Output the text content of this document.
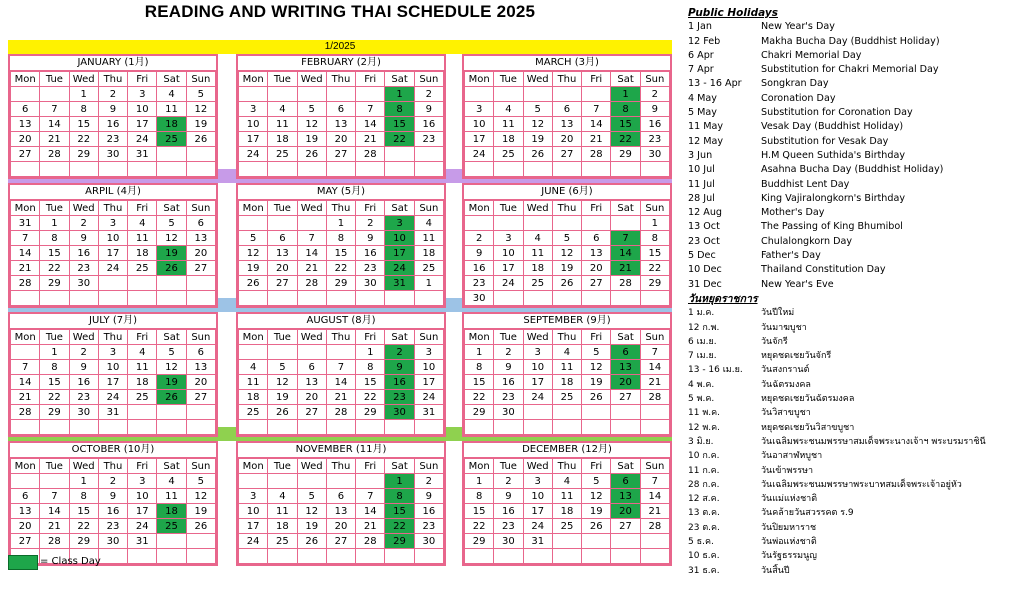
READING AND WRITING THAI SCHEDULE 2025
1/2025
JANUARY (1月)
Mon	Tue	Wed	Thu	Fri	Sat	Sun
		1	2	3	4	5
6	7	8	9	10	11	12
13	14	15	16	17	18	19
20	21	22	23	24	25	26
27	28	29	30	31		

FEBRUARY (2月)
Mon	Tue	Wed	Thu	Fri	Sat	Sun
					1	2
3	4	5	6	7	8	9
10	11	12	13	14	15	16
17	18	19	20	21	22	23
24	25	26	27	28		

MARCH (3月)
Mon	Tue	Wed	Thu	Fri	Sat	Sun
					1	2
3	4	5	6	7	8	9
10	11	12	13	14	15	16
17	18	19	20	21	22	23
24	25	26	27	28	29	30

ARPIL (4月)
Mon	Tue	Wed	Thu	Fri	Sat	Sun
31	1	2	3	4	5	6
7	8	9	10	11	12	13
14	15	16	17	18	19	20
21	22	23	24	25	26	27
28	29	30				

MAY (5月)
Mon	Tue	Wed	Thu	Fri	Sat	Sun
			1	2	3	4
5	6	7	8	9	10	11
12	13	14	15	16	17	18
19	20	21	22	23	24	25
26	27	28	29	30	31	1

JUNE (6月)
Mon	Tue	Wed	Thu	Fri	Sat	Sun
						1
2	3	4	5	6	7	8
9	10	11	12	13	14	15
16	17	18	19	20	21	22
23	24	25	26	27	28	29
30						
JULY (7月)
Mon	Tue	Wed	Thu	Fri	Sat	Sun
	1	2	3	4	5	6
7	8	9	10	11	12	13
14	15	16	17	18	19	20
21	22	23	24	25	26	27
28	29	30	31			

AUGUST (8月)
Mon	Tue	Wed	Thu	Fri	Sat	Sun
				1	2	3
4	5	6	7	8	9	10
11	12	13	14	15	16	17
18	19	20	21	22	23	24
25	26	27	28	29	30	31

SEPTEMBER (9月)
Mon	Tue	Wed	Thu	Fri	Sat	Sun
1	2	3	4	5	6	7
8	9	10	11	12	13	14
15	16	17	18	19	20	21
22	23	24	25	26	27	28
29	30					

OCTOBER (10月)
Mon	Tue	Wed	Thu	Fri	Sat	Sun
		1	2	3	4	5
6	7	8	9	10	11	12
13	14	15	16	17	18	19
20	21	22	23	24	25	26
27	28	29	30	31		

NOVEMBER (11月)
Mon	Tue	Wed	Thu	Fri	Sat	Sun
					1	2
3	4	5	6	7	8	9
10	11	12	13	14	15	16
17	18	19	20	21	22	23
24	25	26	27	28	29	30

DECEMBER (12月)
Mon	Tue	Wed	Thu	Fri	Sat	Sun
1	2	3	4	5	6	7
8	9	10	11	12	13	14
15	16	17	18	19	20	21
22	23	24	25	26	27	28
29	30	31				

= Class Day
Public Holidays
1 Jan	New Year's Day
12 Feb	Makha Bucha Day (Buddhist Holiday)
6 Apr	Chakri Memorial Day
7 Apr	Substitution for Chakri Memorial Day
13 - 16 Apr Songkran Day
4 May	Coronation Day
5 May	Substitution for Coronation Day
11 May	Vesak Day (Buddhist Holiday)
12 May	Substitution for Vesak Day
3 Jun	H.M Queen Suthida's Birthday
10 Jul	Asahna Bucha Day (Buddhist Holiday)
11 Jul	Buddhist Lent Day
28 Jul	King Vajiralongkorn's Birthday
12 Aug	Mother's Day
13 Oct	The Passing of King Bhumibol
23 Oct	Chulalongkorn Day
5 Dec	Father's Day
10 Dec	Thailand Constitution Day
31 Dec	New Year's Eve
วันหยุดราชการ
1 ม.ค.	วันปีใหม่
12 ก.พ.	วันมาฆบูชา
6 เม.ย.	วันจักรี
7 เม.ย.	หยุดชดเชยวันจักรี
13 - 16 เม.ย. วันสงกรานต์
4 พ.ค.	วันฉัตรมงคล
5 พ.ค.	หยุดชดเชยวันฉัตรมงคล
11 พ.ค.	วันวิสาขบูชา
12 พ.ค.	หยุดชดเชยวันวิสาขบูชา
3 มิ.ย.	วันเฉลิมพระชนมพรรษาสมเด็จพระนางเจ้าฯ พระบรมราชินี
10 ก.ค.	วันอาสาฬหบูชา
11 ก.ค.	วันเข้าพรรษา
28 ก.ค.	วันเฉลิมพระชนมพรรษาพระบาทสมเด็จพระเจ้าอยู่หัว
12 ส.ค.	วันแม่แห่งชาติ
13 ต.ค.	วันคล้ายวันสวรรคต ร.9
23 ต.ค.	วันปิยมหาราช
5 ธ.ค.	วันพ่อแห่งชาติ
10 ธ.ค.	วันรัฐธรรมนูญ
31 ธ.ค.	วันสิ้นปี
